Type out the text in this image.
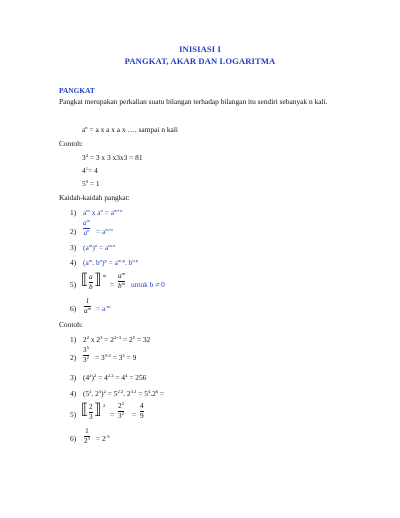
INISIASI I
PANGKAT, AKAR DAN LOGARITMA
PANGKAT
Pangkat merupakan perkalian suatu bilangan terhadap bilangan itu sendiri sebanyak n kali.
$a^n = a$ x a x a x …. sampai n kali
Contoh:
$3^4 = 3$ x 3 x3x3 = 81
$4^1= 4$
$5^0 = 1$
Kaidah-kaidah pangkat:
1) $a^m$ x $a^n = a^{m+n}$
2)
$a^m$
$a^n = a^{m-n}$
3) $(a^m)^n = a^{m.n}$
4) ($a^m$. $b^n)^p = a^{m.p}$. $b^{n.p}$
5) ⟦ a
b ⟧ m
=
$a^m$
$b^m$ untuk b ≠ 0
6)
1
$a^m = a^{-m}$
Contoh:
1) $2^2$ x $2^3 = 2^{2+3} = 2^5 = 32$
2)
$3^5$
$3^2 = 3^{5-2} = 3^3 = 9$
3) $(4^2)^2 = 4^{2.2} = 4^4 = 256$
4) ($5^2$. $2^3)^2 = 5^{2.2}$. $2^{3.2} = 5^4.2^6$ =
5) ⟦ 2
3 ⟧ 2
=
$2^2$
$3^2$ =
4
9
6)
1
$2^3 = 2^{-3}$
